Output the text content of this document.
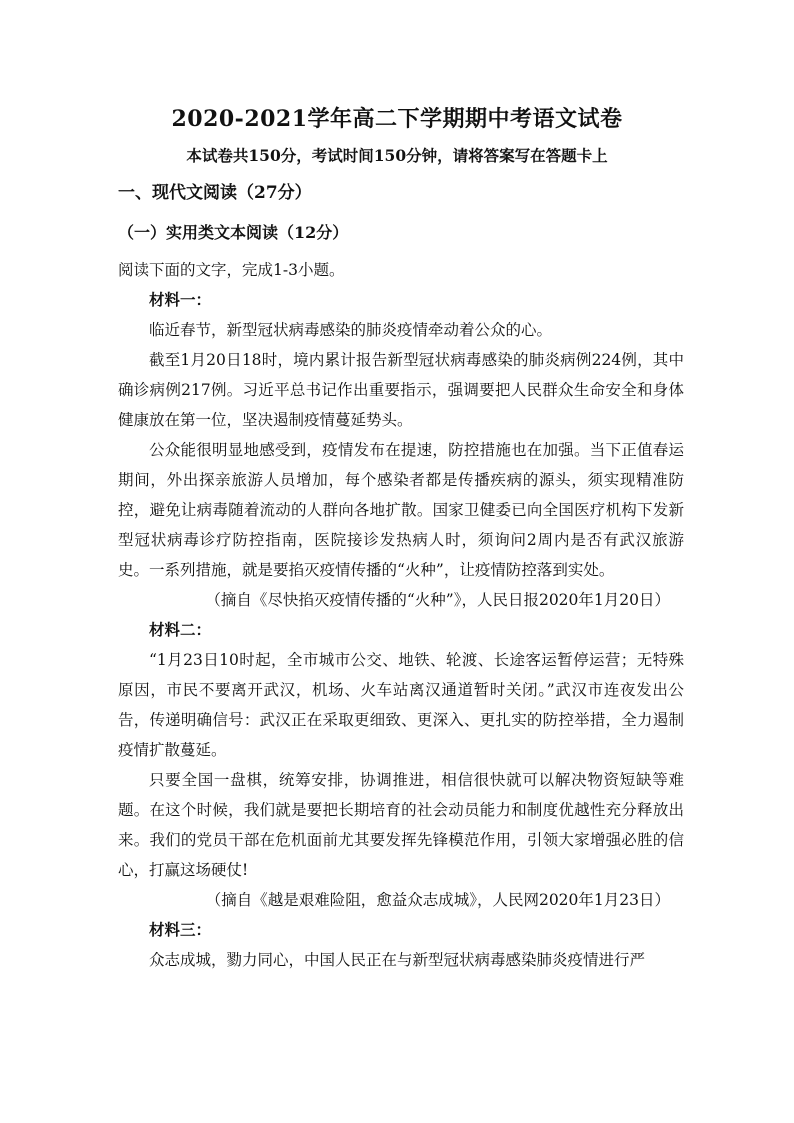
2020-2021学年高二下学期期中考语文试卷
本试卷共150分，考试时间150分钟，请将答案写在答题卡上
一、现代文阅读（27分）
（一）实用类文本阅读（12分）

阅读下面的文字，完成1-3小题。

材料一：

临近春节，新型冠状病毒感染的肺炎疫情牵动着公众的心。

截至1月20日18时，境内累计报告新型冠状病毒感染的肺炎病例224例，其中确诊病例217例。习近平总书记作出重要指示，强调要把人民群众生命安全和身体健康放在第一位，坚决遏制疫情蔓延势头。

公众能很明显地感受到，疫情发布在提速，防控措施也在加强。当下正值春运期间，外出探亲旅游人员增加，每个感染者都是传播疾病的源头，须实现精准防控，避免让病毒随着流动的人群向各地扩散。国家卫健委已向全国医疗机构下发新型冠状病毒诊疗防控指南，医院接诊发热病人时，须询问2周内是否有武汉旅游史。一系列措施，就是要掐灭疫情传播的“火种”，让疫情防控落到实处。

（摘自《尽快掐灭疫情传播的“火种”》，人民日报2020年1月20日）

材料二：

“1月23日10时起，全市城市公交、地铁、轮渡、长途客运暂停运营；无特殊原因，市民不要离开武汉，机场、火车站离汉通道暂时关闭。”武汉市连夜发出公告，传递明确信号：武汉正在采取更细致、更深入、更扎实的防控举措，全力遏制疫情扩散蔓延。

只要全国一盘棋，统筹安排，协调推进，相信很快就可以解决物资短缺等难题。在这个时候，我们就是要把长期培育的社会动员能力和制度优越性充分释放出来。我们的党员干部在危机面前尤其要发挥先锋模范作用，引领大家增强必胜的信心，打赢这场硬仗!

（摘自《越是艰难险阻，愈益众志成城》，人民网2020年1月23日）

材料三：

众志成城，勠力同心，中国人民正在与新型冠状病毒感染肺炎疫情进行严
